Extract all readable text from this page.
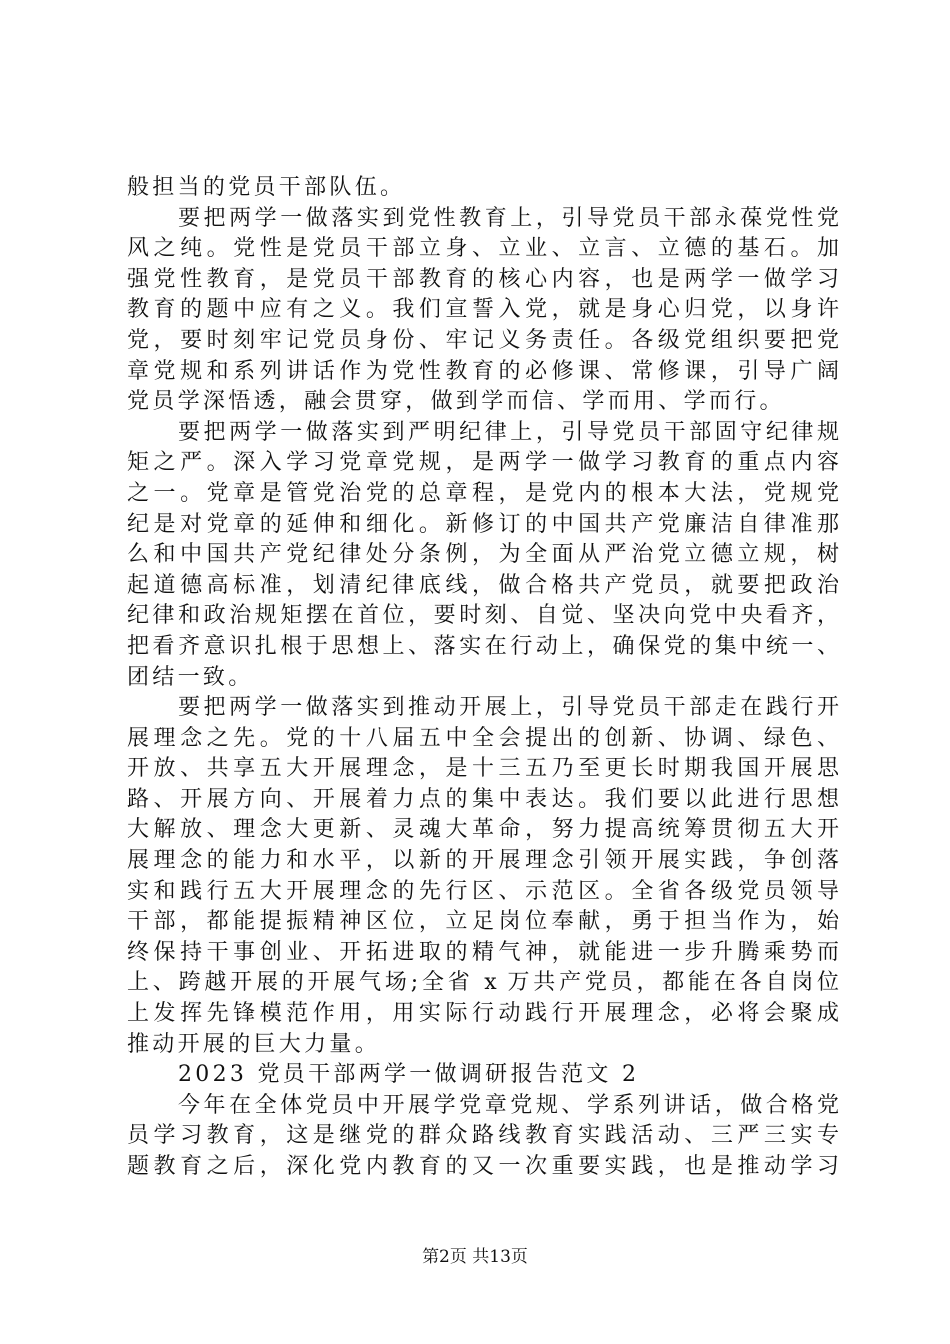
般担当的党员干部队伍。
要把两学一做落实到党性教育上，引导党员干部永葆党性党
风之纯。党性是党员干部立身、立业、立言、立德的基石。加
强党性教育，是党员干部教育的核心内容，也是两学一做学习
教育的题中应有之义。我们宣誓入党，就是身心归党，以身许
党，要时刻牢记党员身份、牢记义务责任。各级党组织要把党
章党规和系列讲话作为党性教育的必修课、常修课，引导广阔
党员学深悟透，融会贯穿，做到学而信、学而用、学而行。
要把两学一做落实到严明纪律上，引导党员干部固守纪律规
矩之严。深入学习党章党规，是两学一做学习教育的重点内容
之一。党章是管党治党的总章程，是党内的根本大法，党规党
纪是对党章的延伸和细化。新修订的中国共产党廉洁自律准那
么和中国共产党纪律处分条例，为全面从严治党立德立规，树
起道德高标准，划清纪律底线，做合格共产党员，就要把政治
纪律和政治规矩摆在首位，要时刻、自觉、坚决向党中央看齐，
把看齐意识扎根于思想上、落实在行动上，确保党的集中统一、
团结一致。
要把两学一做落实到推动开展上，引导党员干部走在践行开
展理念之先。党的十八届五中全会提出的创新、协调、绿色、
开放、共享五大开展理念，是十三五乃至更长时期我国开展思
路、开展方向、开展着力点的集中表达。我们要以此进行思想
大解放、理念大更新、灵魂大革命，努力提高统筹贯彻五大开
展理念的能力和水平，以新的开展理念引领开展实践，争创落
实和践行五大开展理念的先行区、示范区。全省各级党员领导
干部，都能提振精神区位，立足岗位奉献，勇于担当作为，始
终保持干事创业、开拓进取的精气神，就能进一步升腾乘势而
上、跨越开展的开展气场;全省 x 万共产党员，都能在各自岗位
上发挥先锋模范作用，用实际行动践行开展理念，必将会聚成
推动开展的巨大力量。
2023 党员干部两学一做调研报告范文 2
今年在全体党员中开展学党章党规、学系列讲话，做合格党
员学习教育，这是继党的群众路线教育实践活动、三严三实专
题教育之后，深化党内教育的又一次重要实践，也是推动学习
第2页 共13页
